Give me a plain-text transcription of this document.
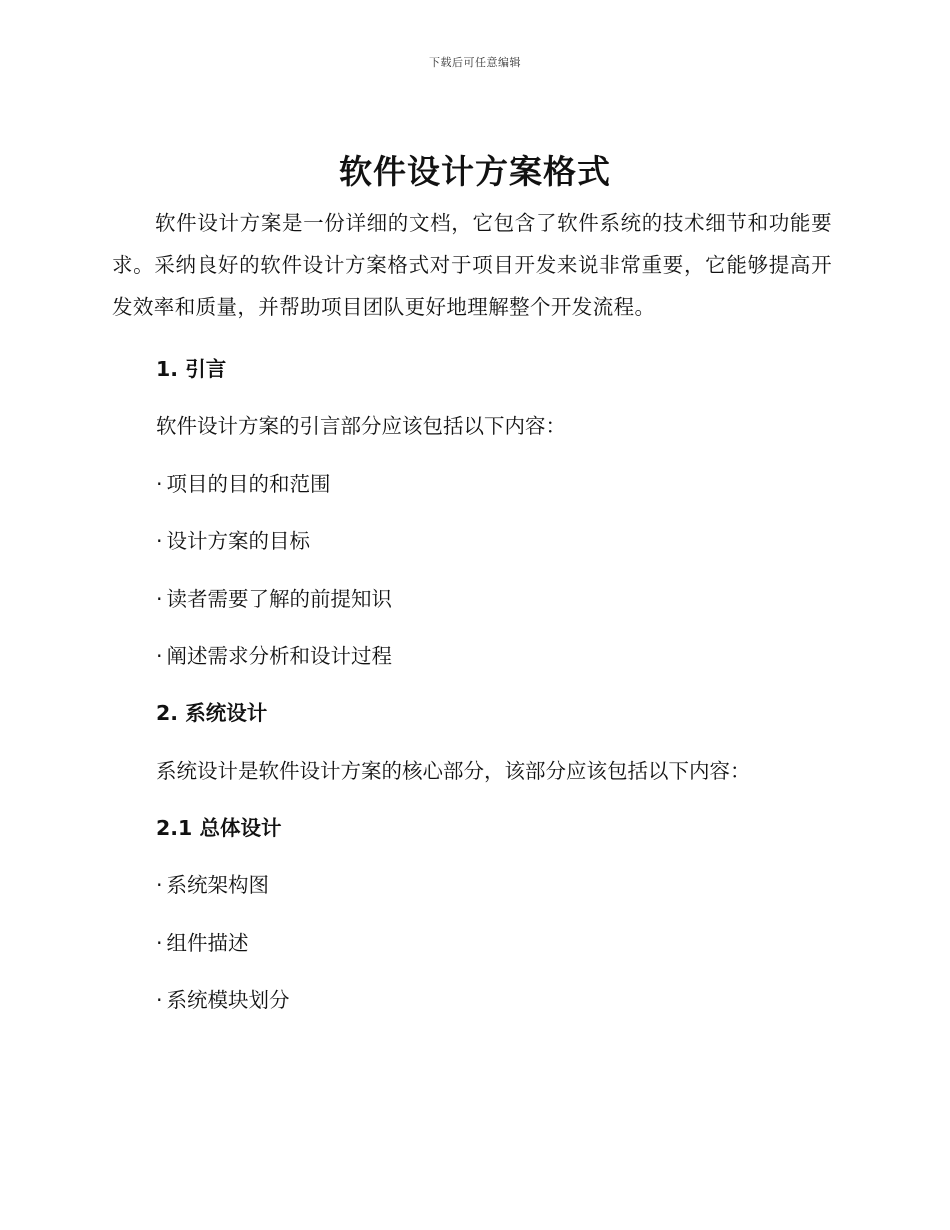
下载后可任意编辑
软件设计方案格式

软件设计方案是一份详细的文档，它包含了软件系统的技术细节和功能要求。采纳良好的软件设计方案格式对于项目开发来说非常重要，它能够提高开发效率和质量，并帮助项目团队更好地理解整个开发流程。

1. 引言

软件设计方案的引言部分应该包括以下内容：

· 项目的目的和范围

· 设计方案的目标

· 读者需要了解的前提知识

· 阐述需求分析和设计过程

2. 系统设计

系统设计是软件设计方案的核心部分，该部分应该包括以下内容：

2.1 总体设计

· 系统架构图

· 组件描述

· 系统模块划分
